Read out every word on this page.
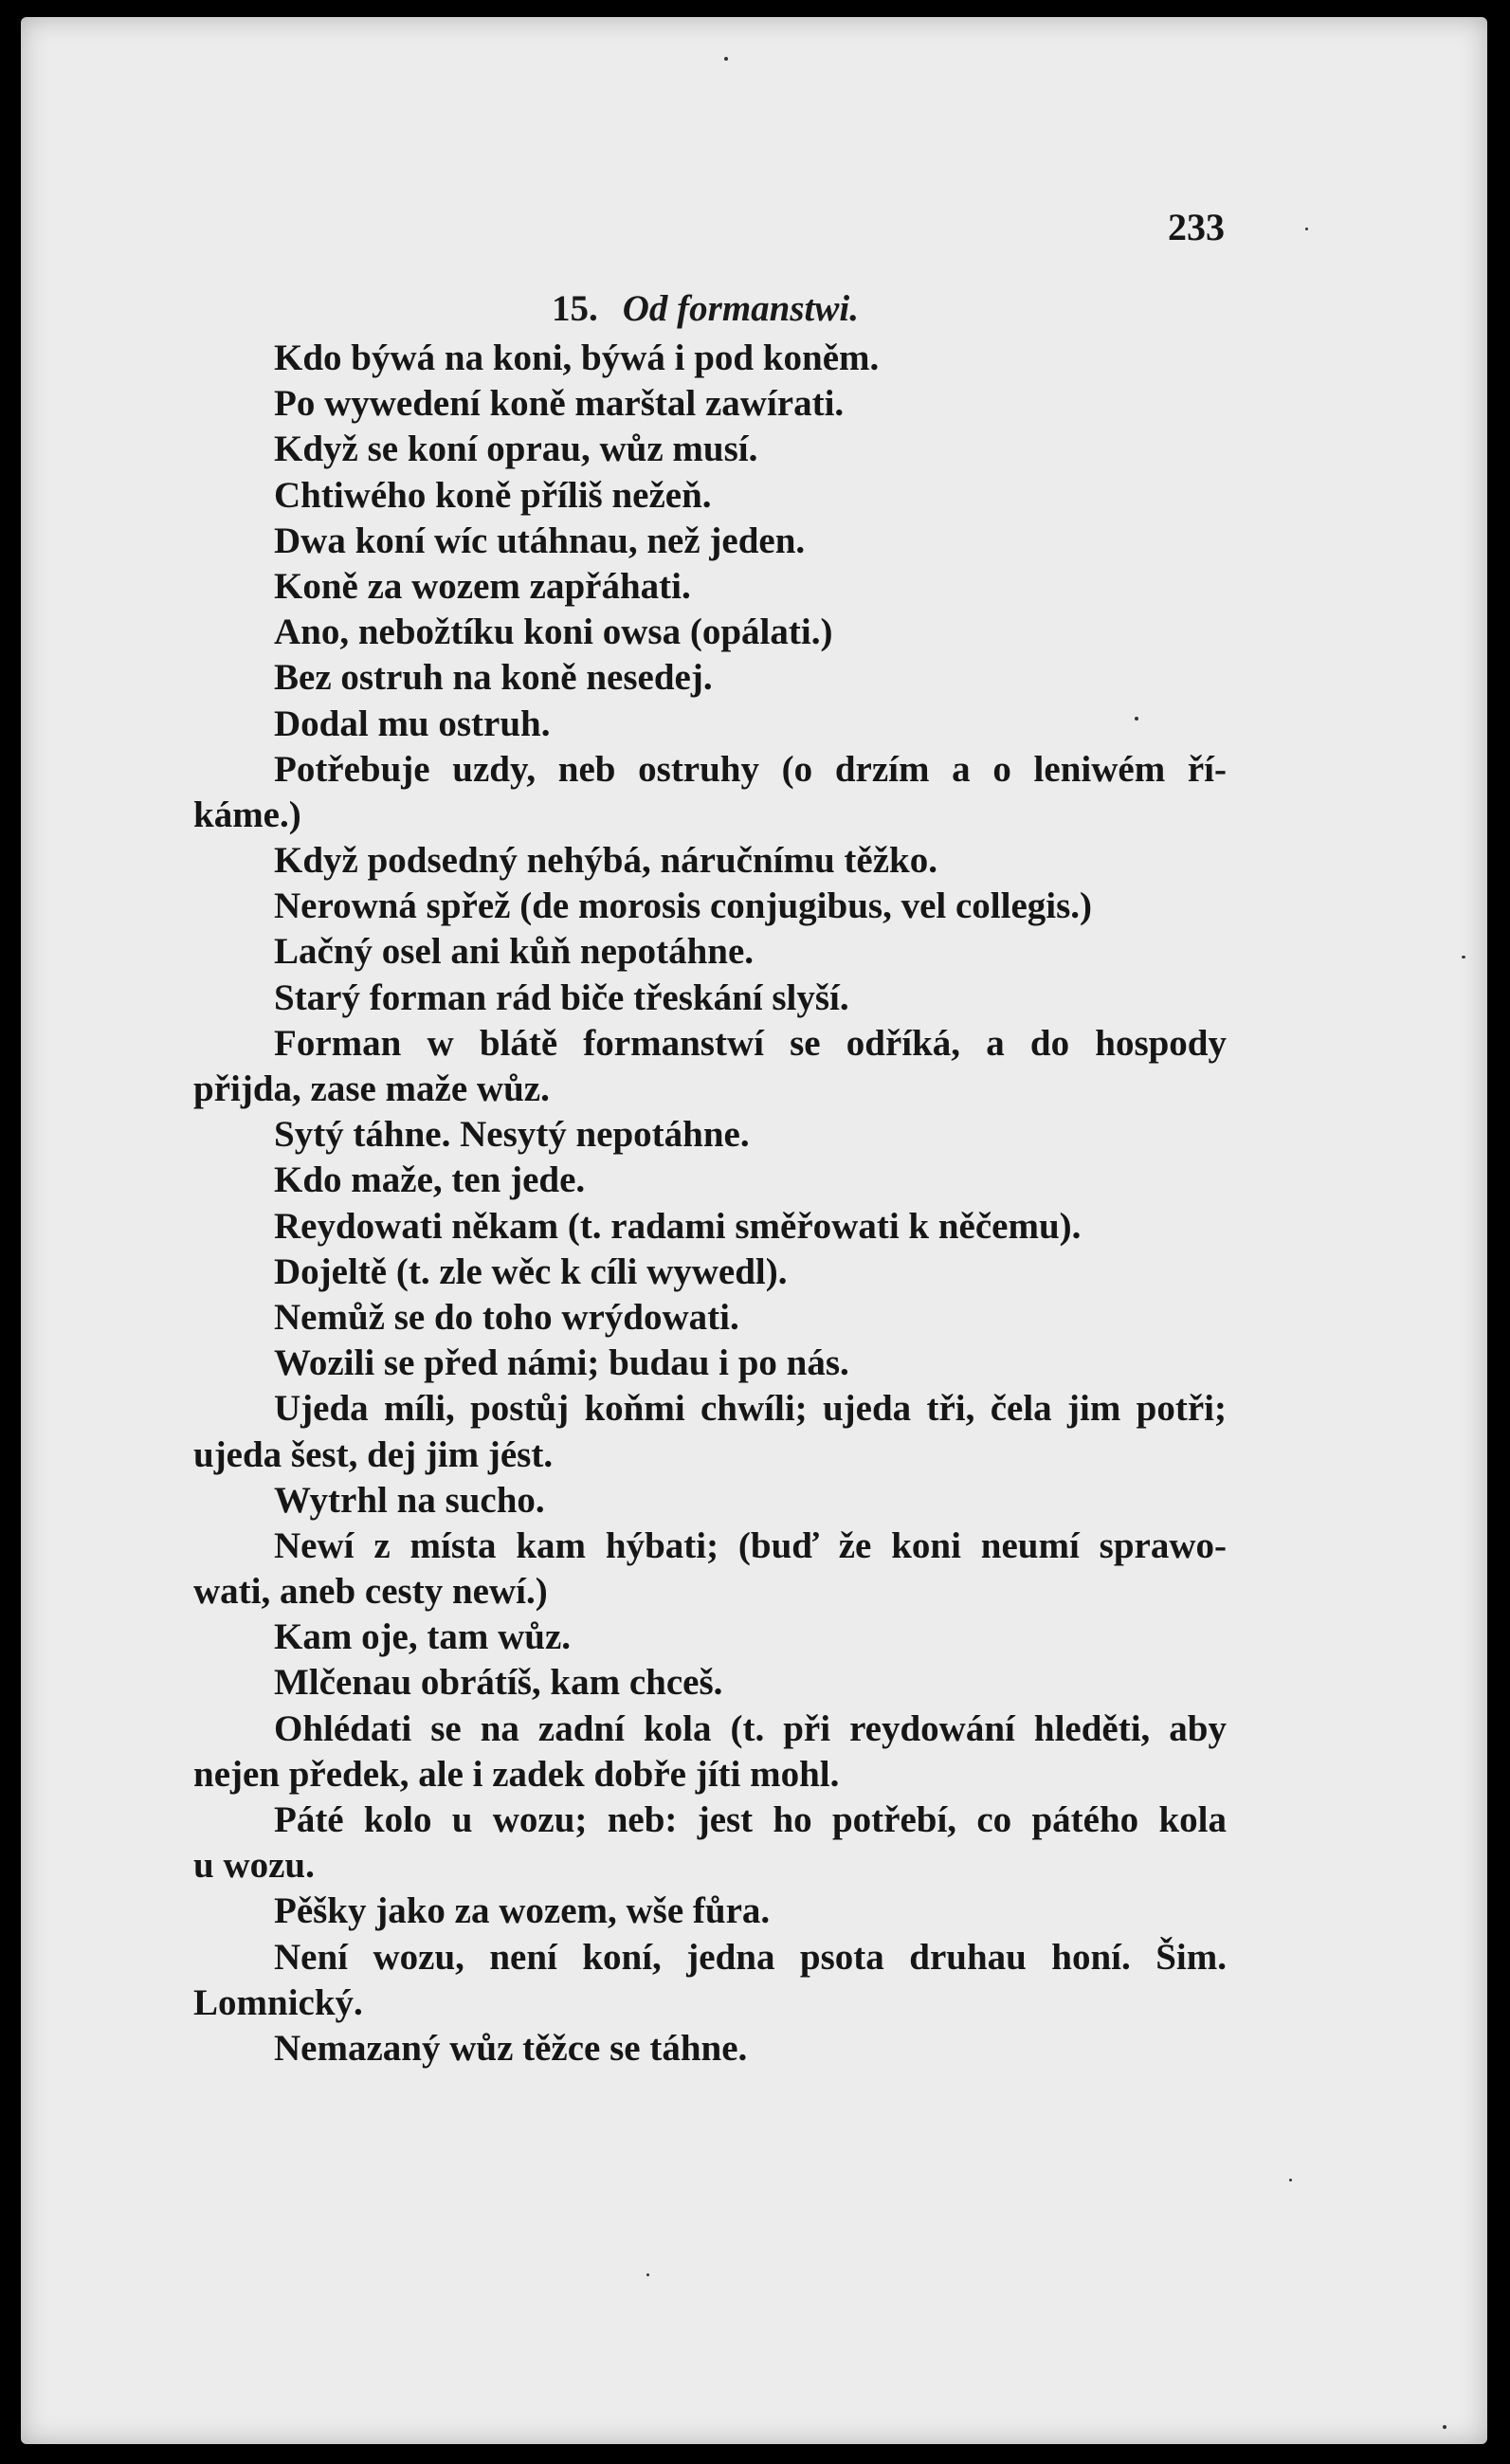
233
15. Od formanstwi.
Kdo býwá na koni, býwá i pod koněm.
Po wywedení koně marštal zawírati.
Když se koní oprau, wůz musí.
Chtiwého koně příliš nežeň.
Dwa koní wíc utáhnau, než jeden.
Koně za wozem zapřáhati.
Ano, nebožtíku koni owsa (opálati.)
Bez ostruh na koně nesedej.
Dodal mu ostruh.
Potřebuje uzdy, neb ostruhy (o drzím a o leniwém ří-
káme.)
Když podsedný nehýbá, náručnímu těžko.
Nerowná spřež (de morosis conjugibus, vel collegis.)
Lačný osel ani kůň nepotáhne.
Starý forman rád biče třeskání slyší.
Forman w blátě formanstwí se odříká, a do hospody
přijda, zase maže wůz.
Sytý táhne. Nesytý nepotáhne.
Kdo maže, ten jede.
Reydowati někam (t. radami směřowati k něčemu).
Dojeltě (t. zle wěc k cíli wywedl).
Nemůž se do toho wrýdowati.
Wozili se před námi; budau i po nás.
Ujeda míli, postůj koňmi chwíli; ujeda tři, čela jim potři;
ujeda šest, dej jim jést.
Wytrhl na sucho.
Newí z místa kam hýbati; (buď že koni neumí sprawo-
wati, aneb cesty newí.)
Kam oje, tam wůz.
Mlčenau obrátíš, kam chceš.
Ohlédati se na zadní kola (t. při reydowání hleděti, aby
nejen předek, ale i zadek dobře jíti mohl.
Páté kolo u wozu; neb: jest ho potřebí, co pátého kola
u wozu.
Pěšky jako za wozem, wše fůra.
Není wozu, není koní, jedna psota druhau honí. Šim.
Lomnický.
Nemazaný wůz těžce se táhne.
